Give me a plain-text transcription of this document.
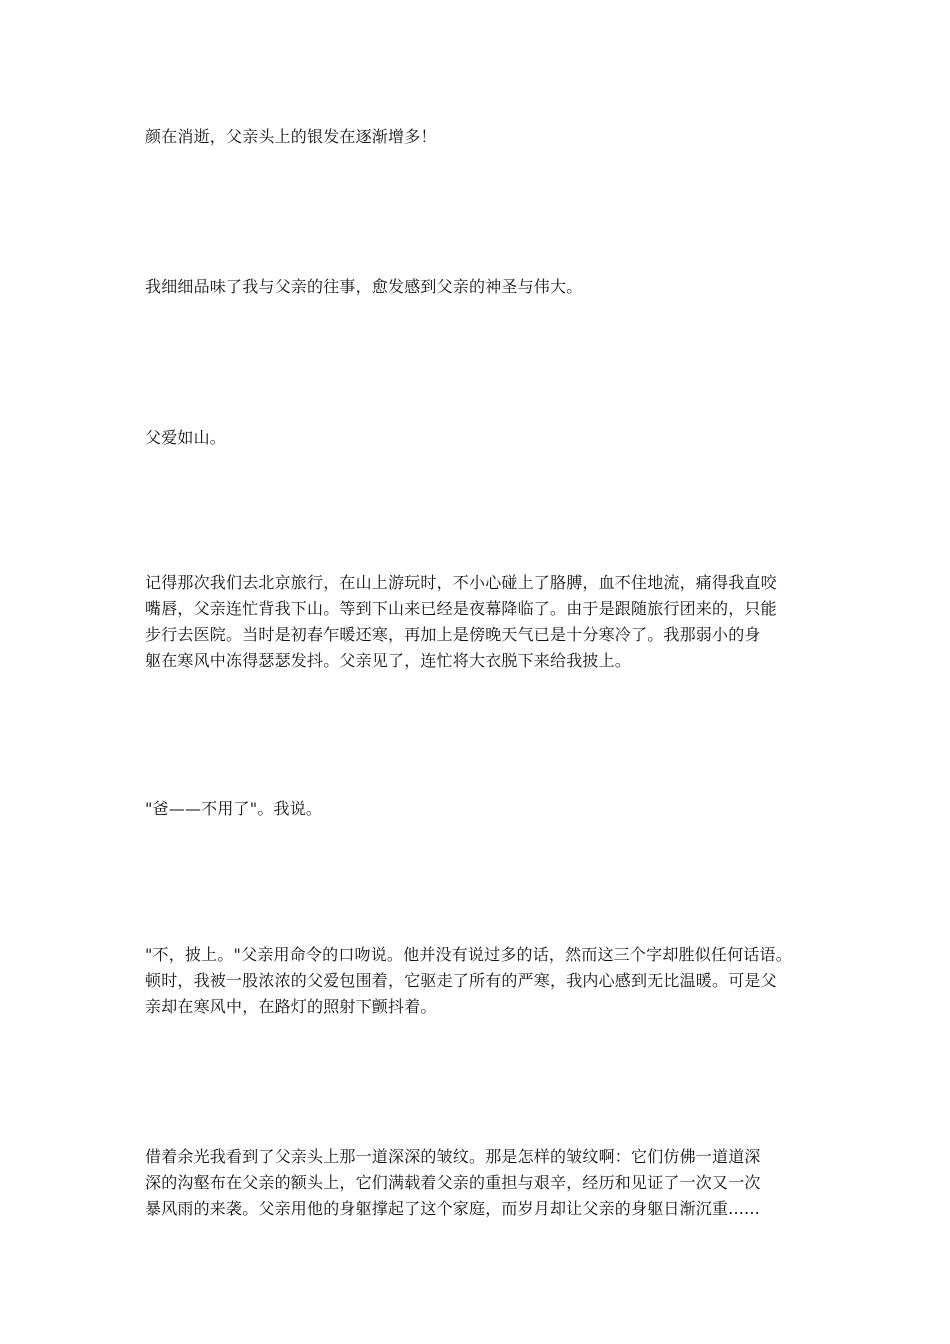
颜在消逝，父亲头上的银发在逐渐增多！

我细细品味了我与父亲的往事，愈发感到父亲的神圣与伟大。

父爱如山。

记得那次我们去北京旅行，在山上游玩时，不小心碰上了胳膊，血不住地流，痛得我直咬
嘴唇，父亲连忙背我下山。等到下山来已经是夜幕降临了。由于是跟随旅行团来的，只能
步行去医院。当时是初春乍暖还寒，再加上是傍晚天气已是十分寒冷了。我那弱小的身
躯在寒风中冻得瑟瑟发抖。父亲见了，连忙将大衣脱下来给我披上。

"爸——不用了"。我说。

"不，披上。"父亲用命令的口吻说。他并没有说过多的话，然而这三个字却胜似任何话语。
顿时，我被一股浓浓的父爱包围着，它驱走了所有的严寒，我内心感到无比温暖。可是父
亲却在寒风中，在路灯的照射下颤抖着。

借着余光我看到了父亲头上那一道深深的皱纹。那是怎样的皱纹啊：它们仿佛一道道深
深的沟壑布在父亲的额头上，它们满载着父亲的重担与艰辛，经历和见证了一次又一次
暴风雨的来袭。父亲用他的身躯撑起了这个家庭，而岁月却让父亲的身躯日渐沉重......
